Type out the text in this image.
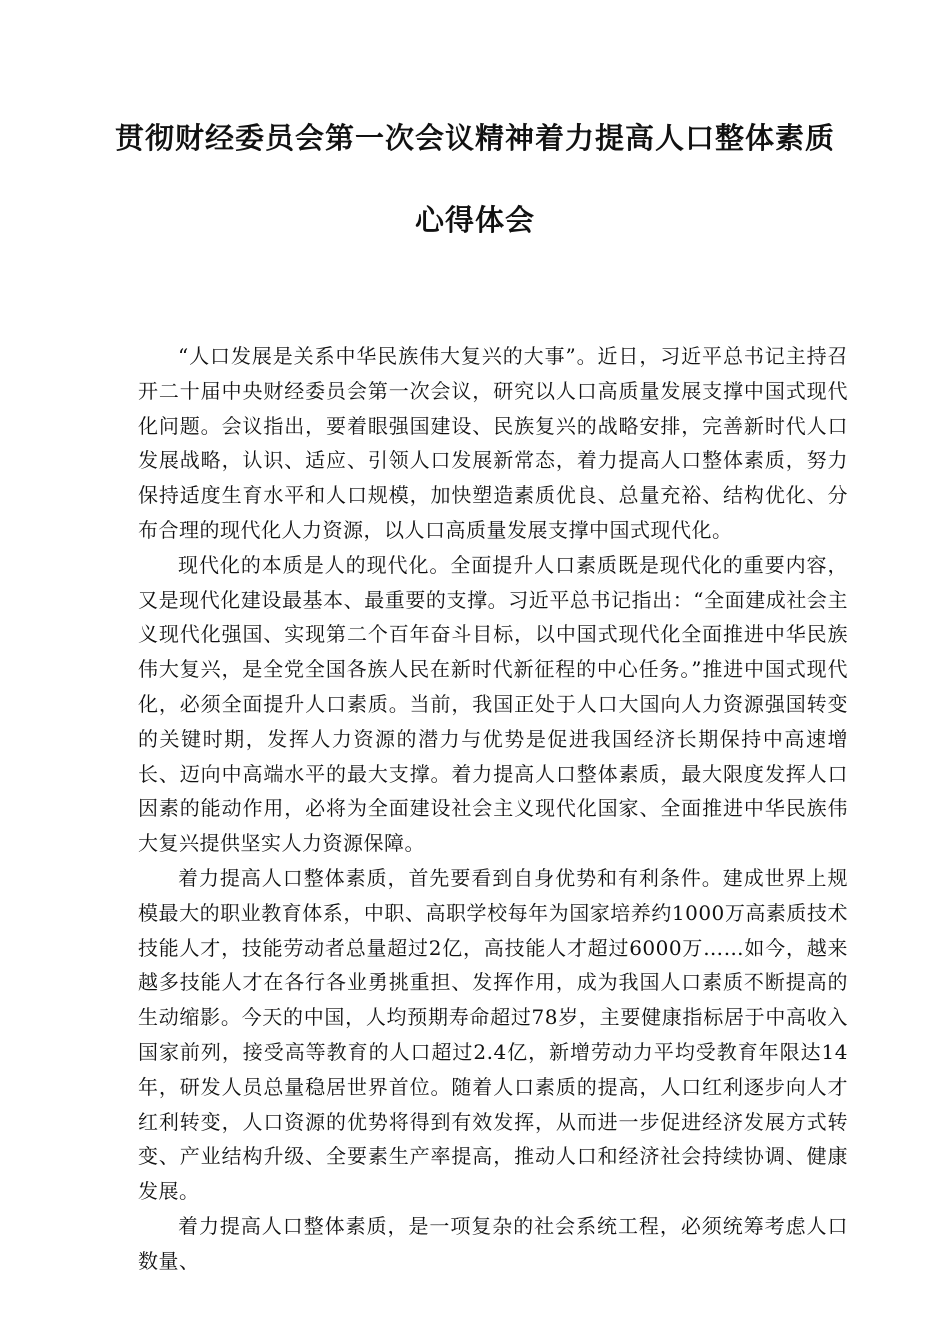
贯彻财经委员会第一次会议精神着力提高人口整体素质

心得体会

“人口发展是关系中华民族伟大复兴的大事”。近日，习近平总书记主持召开二十届中央财经委员会第一次会议，研究以人口高质量发展支撑中国式现代化问题。会议指出，要着眼强国建设、民族复兴的战略安排，完善新时代人口发展战略，认识、适应、引领人口发展新常态，着力提高人口整体素质，努力保持适度生育水平和人口规模，加快塑造素质优良、总量充裕、结构优化、分布合理的现代化人力资源，以人口高质量发展支撑中国式现代化。

现代化的本质是人的现代化。全面提升人口素质既是现代化的重要内容，又是现代化建设最基本、最重要的支撑。习近平总书记指出：“全面建成社会主义现代化强国、实现第二个百年奋斗目标，以中国式现代化全面推进中华民族伟大复兴，是全党全国各族人民在新时代新征程的中心任务。”推进中国式现代化，必须全面提升人口素质。当前，我国正处于人口大国向人力资源强国转变的关键时期，发挥人力资源的潜力与优势是促进我国经济长期保持中高速增长、迈向中高端水平的最大支撑。着力提高人口整体素质，最大限度发挥人口因素的能动作用，必将为全面建设社会主义现代化国家、全面推进中华民族伟大复兴提供坚实人力资源保障。

着力提高人口整体素质，首先要看到自身优势和有利条件。建成世界上规模最大的职业教育体系，中职、高职学校每年为国家培养约1000万高素质技术技能人才，技能劳动者总量超过2亿，高技能人才超过6000万……如今，越来越多技能人才在各行各业勇挑重担、发挥作用，成为我国人口素质不断提高的生动缩影。今天的中国，人均预期寿命超过78岁，主要健康指标居于中高收入国家前列，接受高等教育的人口超过2.4亿，新增劳动力平均受教育年限达14年，研发人员总量稳居世界首位。随着人口素质的提高，人口红利逐步向人才红利转变，人口资源的优势将得到有效发挥，从而进一步促进经济发展方式转变、产业结构升级、全要素生产率提高，推动人口和经济社会持续协调、健康发展。

着力提高人口整体素质，是一项复杂的社会系统工程，必须统筹考虑人口数量、
